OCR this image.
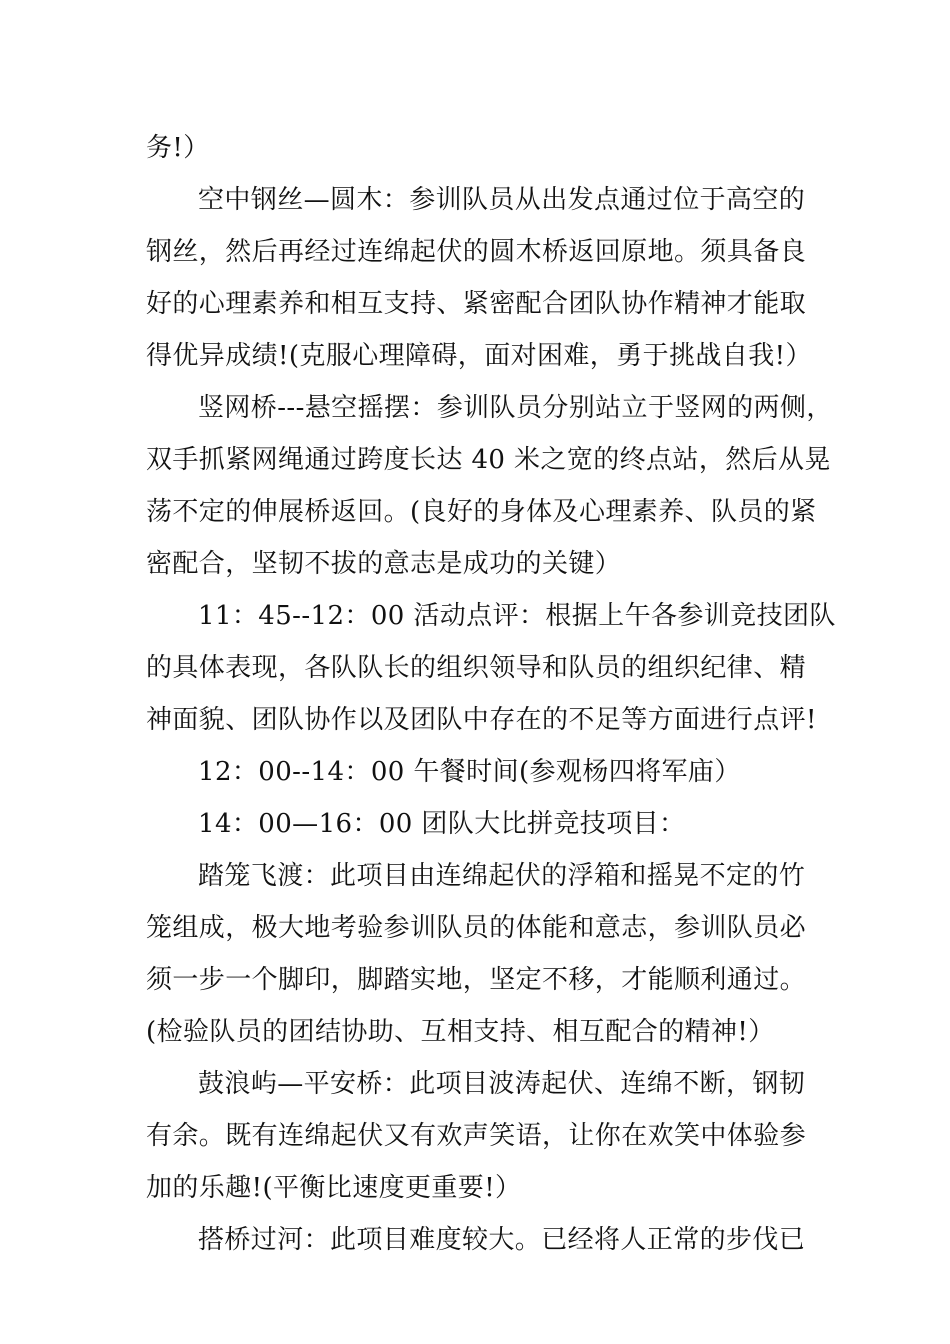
务!）
空中钢丝—圆木：参训队员从出发点通过位于高空的
钢丝，然后再经过连绵起伏的圆木桥返回原地。须具备良
好的心理素养和相互支持、紧密配合团队协作精神才能取
得优异成绩!(克服心理障碍，面对困难，勇于挑战自我!）
竖网桥---悬空摇摆：参训队员分别站立于竖网的两侧，
双手抓紧网绳通过跨度长达 40 米之宽的终点站，然后从晃
荡不定的伸展桥返回。(良好的身体及心理素养、队员的紧
密配合，坚韧不拔的意志是成功的关键）
11：45--12：00 活动点评：根据上午各参训竞技团队
的具体表现，各队队长的组织领导和队员的组织纪律、精
神面貌、团队协作以及团队中存在的不足等方面进行点评!
12：00--14：00 午餐时间(参观杨四将军庙）
14：00—16：00 团队大比拼竞技项目：
踏笼飞渡：此项目由连绵起伏的浮箱和摇晃不定的竹
笼组成，极大地考验参训队员的体能和意志，参训队员必
须一步一个脚印，脚踏实地，坚定不移，才能顺利通过。
(检验队员的团结协助、互相支持、相互配合的精神!）
鼓浪屿—平安桥：此项目波涛起伏、连绵不断，钢韧
有余。既有连绵起伏又有欢声笑语，让你在欢笑中体验参
加的乐趣!(平衡比速度更重要!）
搭桥过河：此项目难度较大。已经将人正常的步伐已
